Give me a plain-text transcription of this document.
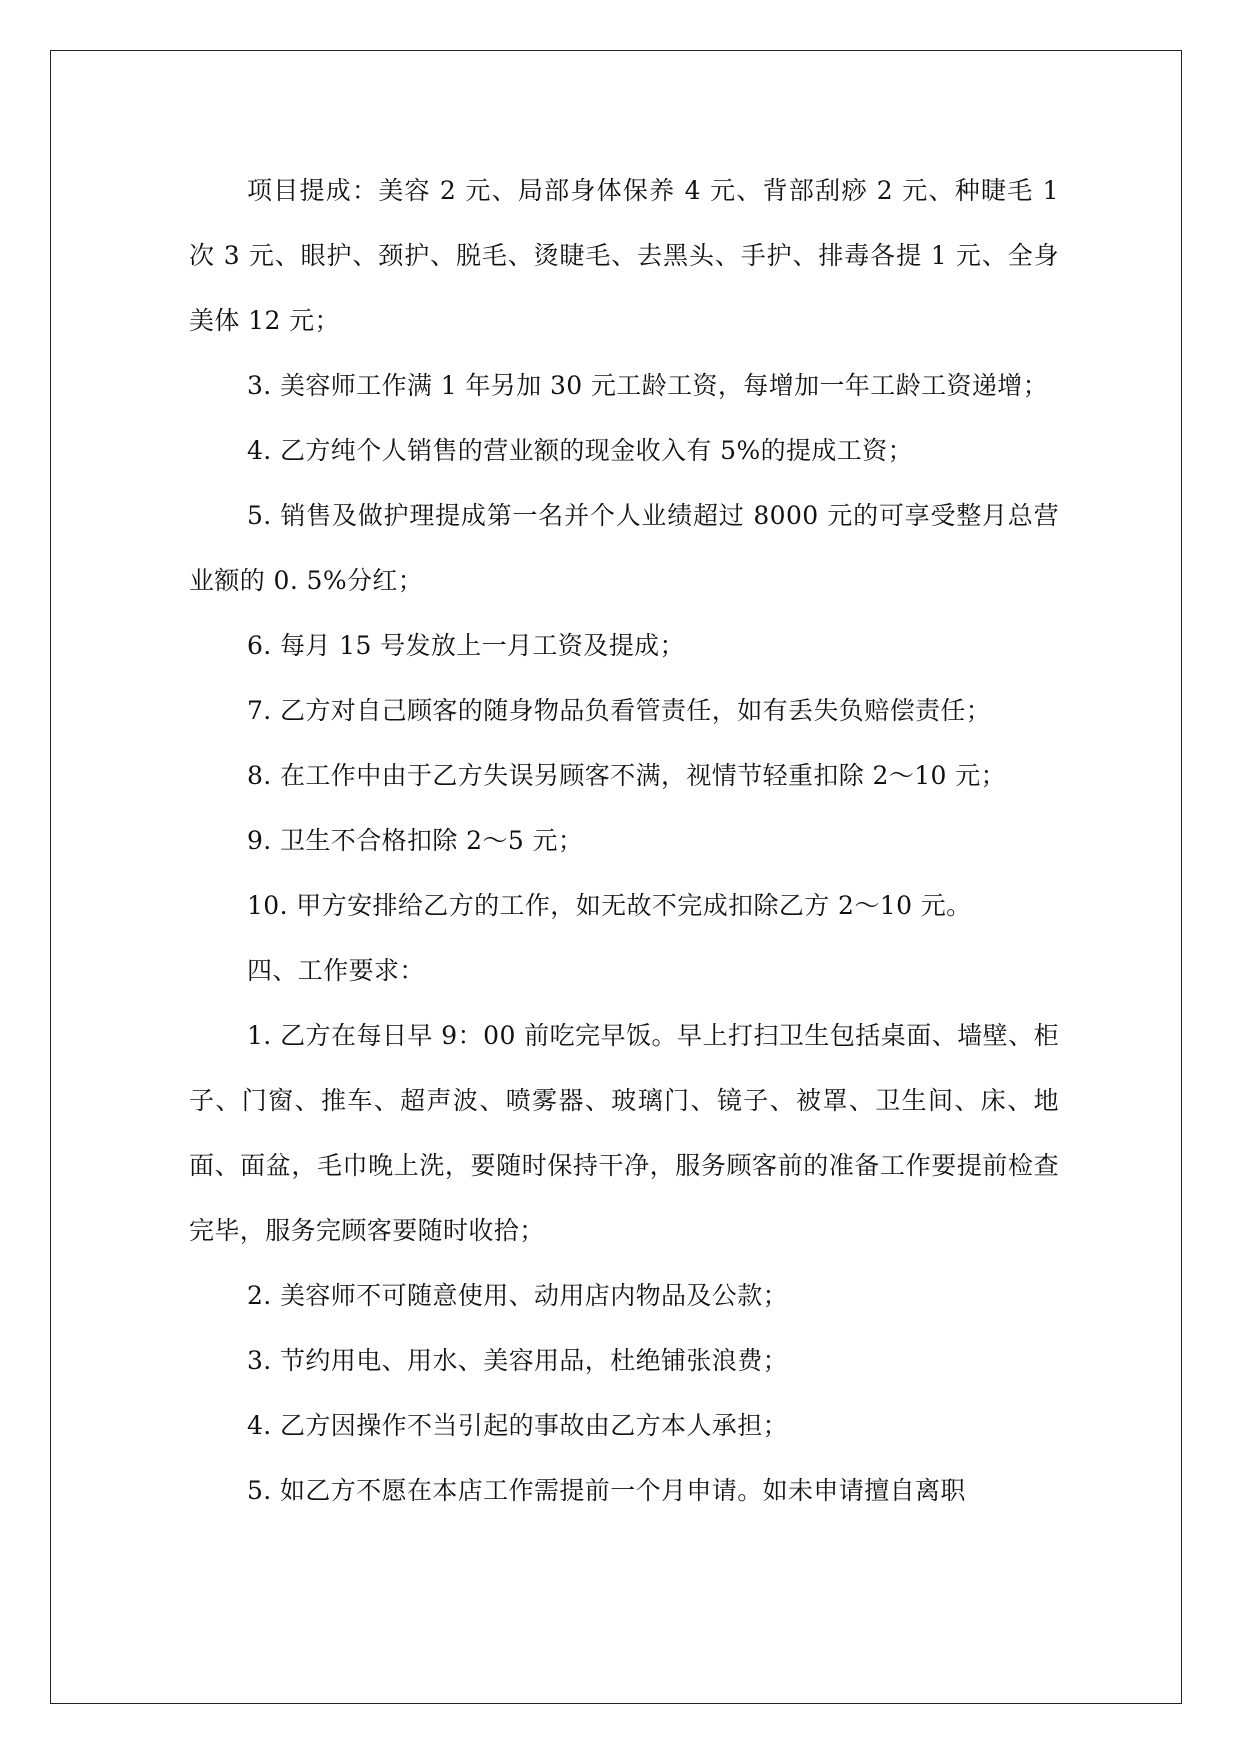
项目提成：美容 2 元、局部身体保养 4 元、背部刮痧 2 元、种睫毛 1 次 3 元、眼护、颈护、脱毛、烫睫毛、去黑头、手护、排毒各提 1 元、全身美体 12 元；

3. 美容师工作满 1 年另加 30 元工龄工资，每增加一年工龄工资递增；

4. 乙方纯个人销售的营业额的现金收入有 5%的提成工资；

5. 销售及做护理提成第一名并个人业绩超过 8000 元的可享受整月总营业额的 0. 5%分红；

6. 每月 15 号发放上一月工资及提成；

7. 乙方对自己顾客的随身物品负看管责任，如有丢失负赔偿责任；

8. 在工作中由于乙方失误另顾客不满，视情节轻重扣除 2～10 元；

9. 卫生不合格扣除 2～5 元；

10. 甲方安排给乙方的工作，如无故不完成扣除乙方 2～10 元。

四、工作要求：

1. 乙方在每日早 9：00 前吃完早饭。早上打扫卫生包括桌面、墙壁、柜子、门窗、推车、超声波、喷雾器、玻璃门、镜子、被罩、卫生间、床、地面、面盆，毛巾晚上洗，要随时保持干净，服务顾客前的准备工作要提前检查完毕，服务完顾客要随时收拾；

2. 美容师不可随意使用、动用店内物品及公款；

3. 节约用电、用水、美容用品，杜绝铺张浪费；

4. 乙方因操作不当引起的事故由乙方本人承担；

5. 如乙方不愿在本店工作需提前一个月申请。如未申请擅自离职
